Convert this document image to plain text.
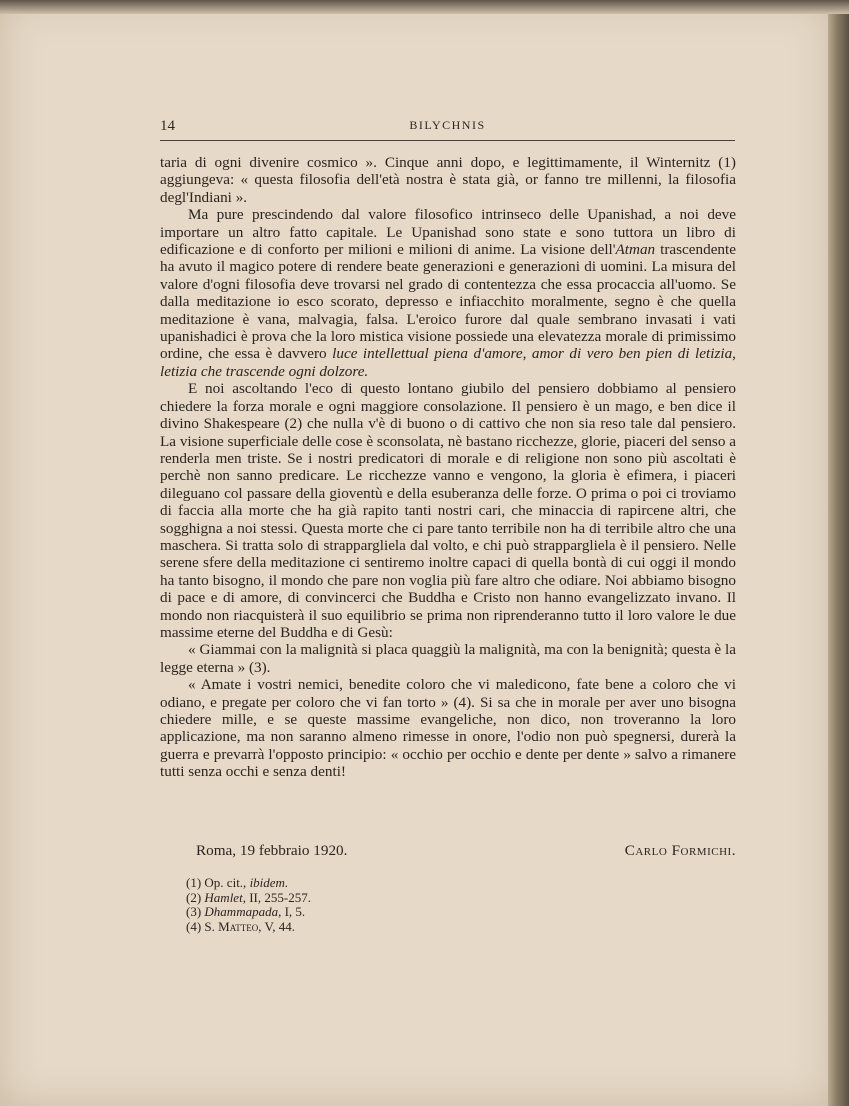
14	BILYCHNIS

taria di ogni divenire cosmico ». Cinque anni dopo, e legittimamente, il Winternitz (1) aggiungeva: « questa filosofia dell'età nostra è stata già, or fanno tre millenni, la filosofia degl'Indiani ».

Ma pure prescindendo dal valore filosofico intrinseco delle Upanishad, a noi deve importare un altro fatto capitale. Le Upanishad sono state e sono tuttora un libro di edificazione e di conforto per milioni e milioni di anime. La visione dell'Atman trascendente ha avuto il magico potere di rendere beate generazioni e generazioni di uomini. La misura del valore d'ogni filosofia deve trovarsi nel grado di contentezza che essa procaccia all'uomo. Se dalla meditazione io esco scorato, depresso e infiacchito moralmente, segno è che quella meditazione è vana, malvagia, falsa. L'eroico furore dal quale sembrano invasati i vati upanishadici è prova che la loro mistica visione possiede una elevatezza morale di primissimo ordine, che essa è davvero luce intellettual piena d'amore, amor di vero ben pien di letizia, letizia che trascende ogni dolzore.

E noi ascoltando l'eco di questo lontano giubilo del pensiero dobbiamo al pensiero chiedere la forza morale e ogni maggiore consolazione. Il pensiero è un mago, e ben dice il divino Shakespeare (2) che nulla v'è di buono o di cattivo che non sia reso tale dal pensiero. La visione superficiale delle cose è sconsolata, nè bastano ricchezze, glorie, piaceri del senso a renderla men triste. Se i nostri predicatori di morale e di religione non sono più ascoltati è perchè non sanno predicare. Le ricchezze vanno e vengono, la gloria è efimera, i piaceri dileguano col passare della gioventù e della esuberanza delle forze. O prima o poi ci troviamo di faccia alla morte che ha già rapito tanti nostri cari, che minaccia di rapircene altri, che sogghigna a noi stessi. Questa morte che ci pare tanto terribile non ha di terribile altro che una maschera. Si tratta solo di strappargliela dal volto, e chi può strappargliela è il pensiero. Nelle serene sfere della meditazione ci sentiremo inoltre capaci di quella bontà di cui oggi il mondo ha tanto bisogno, il mondo che pare non voglia più fare altro che odiare. Noi abbiamo bisogno di pace e di amore, di convincerci che Buddha e Cristo non hanno evangelizzato invano. Il mondo non riacquisterà il suo equilibrio se prima non riprenderanno tutto il loro valore le due massime eterne del Buddha e di Gesù:

« Giammai con la malignità si placa quaggiù la malignità, ma con la benignità; questa è la legge eterna » (3).

« Amate i vostri nemici, benedite coloro che vi maledicono, fate bene a coloro che vi odiano, e pregate per coloro che vi fan torto » (4). Si sa che in morale per aver uno bisogna chiedere mille, e se queste massime evangeliche, non dico, non troveranno la loro applicazione, ma non saranno almeno rimesse in onore, l'odio non può spegnersi, durerà la guerra e prevarrà l'opposto principio: « occhio per occhio e dente per dente » salvo a rimanere tutti senza occhi e senza denti!

Roma, 19 febbraio 1920.	Carlo Formichi.
(1) Op. cit., ibidem.
(2) Hamlet, II, 255-257.
(3) Dhammapada, I, 5.
(4) S. Matteo, V, 44.
